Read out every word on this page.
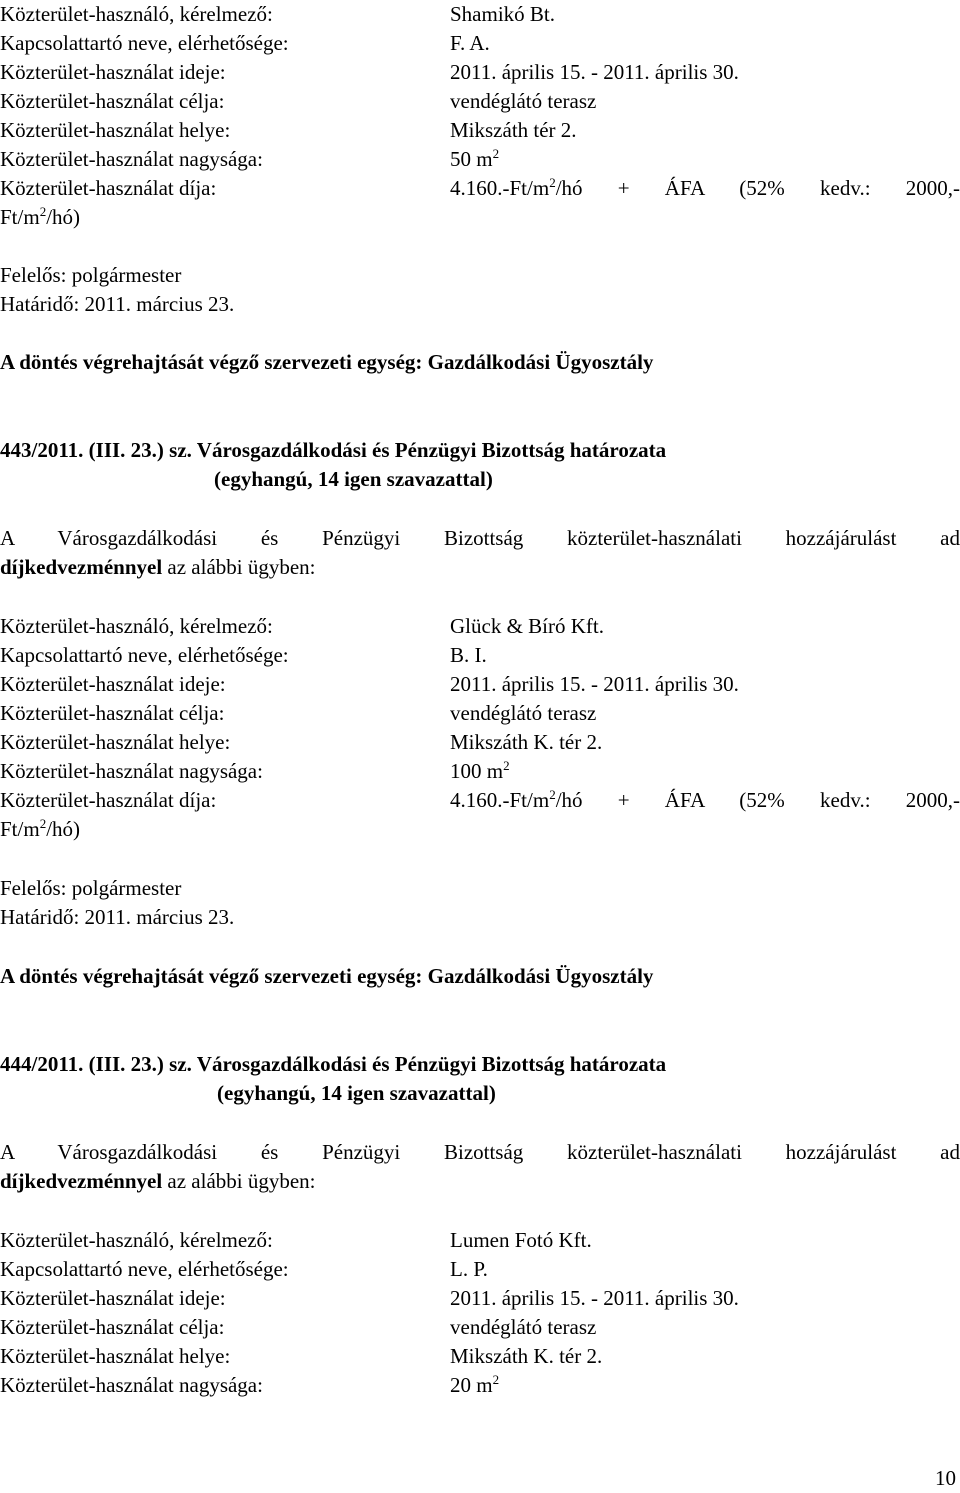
Közterület-használó, kérelmező:	Shamikó Bt.
Kapcsolattartó neve, elérhetősége:	F. A.
Közterület-használat ideje:	2011. április 15. - 2011. április 30.
Közterület-használat célja:	vendéglátó terasz
Közterület-használat helye:	Mikszáth tér 2.
Közterület-használat nagysága:	50 $m^2$
Közterület-használat díja:	$4.160.-Ft/m^2/hó$ + ÁFA (52% kedv.: 2000,-
$Ft/m^2/hó$)
Felelős: polgármester
Határidő: 2011. március 23.
A döntés végrehajtását végző szervezeti egység: Gazdálkodási Ügyosztály
443/2011. (III. 23.) sz. Városgazdálkodási és Pénzügyi Bizottság határozata
(egyhangú, 14 igen szavazattal)
A Városgazdálkodási és Pénzügyi Bizottság közterület-használati hozzájárulást ad
díjkedvezménnyel az alábbi ügyben:
Közterület-használó, kérelmező:	Glück & Bíró Kft.
Kapcsolattartó neve, elérhetősége:	B. I.
Közterület-használat ideje:	2011. április 15. - 2011. április 30.
Közterület-használat célja:	vendéglátó terasz
Közterület-használat helye:	Mikszáth K. tér 2.
Közterület-használat nagysága:	100 $m^2$
Közterület-használat díja:	$4.160.-Ft/m^2/hó$ + ÁFA (52% kedv.: 2000,-
$Ft/m^2/hó$)
Felelős: polgármester
Határidő: 2011. március 23.
A döntés végrehajtását végző szervezeti egység: Gazdálkodási Ügyosztály
444/2011. (III. 23.) sz. Városgazdálkodási és Pénzügyi Bizottság határozata
(egyhangú, 14 igen szavazattal)
A Városgazdálkodási és Pénzügyi Bizottság közterület-használati hozzájárulást ad
díjkedvezménnyel az alábbi ügyben:
Közterület-használó, kérelmező:	Lumen Fotó Kft.
Kapcsolattartó neve, elérhetősége:	L. P.
Közterület-használat ideje:	2011. április 15. - 2011. április 30.
Közterület-használat célja:	vendéglátó terasz
Közterület-használat helye:	Mikszáth K. tér 2.
Közterület-használat nagysága:	20 $m^2$
10
